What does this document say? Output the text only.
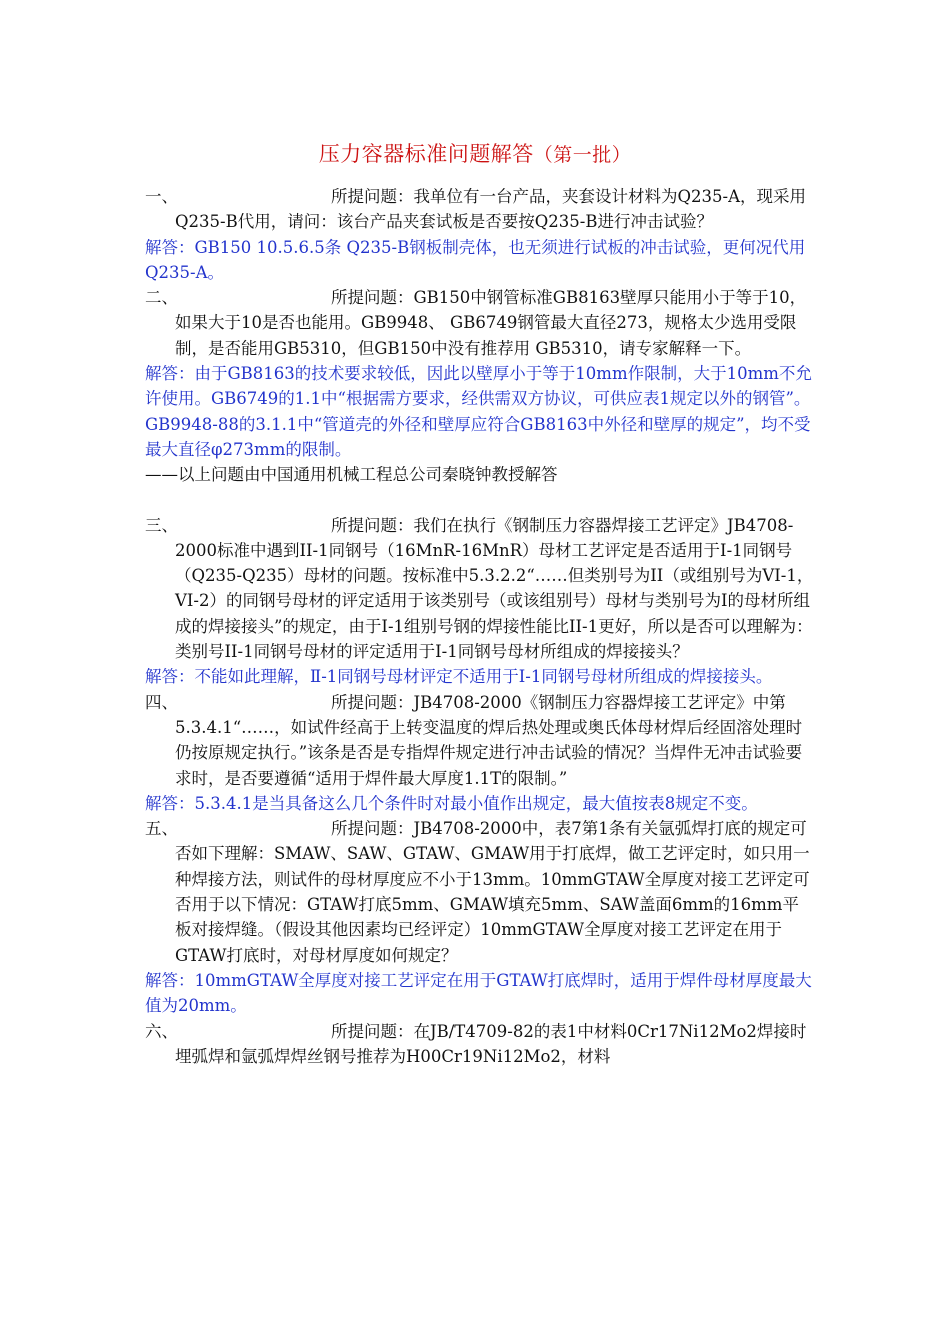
压力容器标准问题解答（第一批）

一、	所提问题：我单位有一台产品，夹套设计材料为Q235-A，现采用Q235-B代用，请问：该台产品夹套试板是否要按Q235-B进行冲击试验？

解答：GB150 10.5.6.5条 Q235-B钢板制壳体，也无须进行试板的冲击试验，更何况代用Q235-A。

二、	所提问题：GB150中钢管标准GB8163壁厚只能用小于等于10，如果大于10是否也能用。GB9948、 GB6749钢管最大直径273，规格太少选用受限制，是否能用GB5310，但GB150中没有推荐用 GB5310，请专家解释一下。

解答：由于GB8163的技术要求较低，因此以壁厚小于等于10mm作限制，大于10mm不允许使用。GB6749的1.1中“根据需方要求，经供需双方协议，可供应表1规定以外的钢管”。GB9948-88的3.1.1中“管道壳的外径和壁厚应符合GB8163中外径和壁厚的规定”，均不受最大直径φ273mm的限制。

——以上问题由中国通用机械工程总公司秦晓钟教授解答

三、	所提问题：我们在执行《钢制压力容器焊接工艺评定》JB4708-2000标准中遇到II-1同钢号（16MnR-16MnR）母材工艺评定是否适用于I-1同钢号（Q235-Q235）母材的问题。按标准中5.3.2.2“……但类别号为II（或组别号为VI-1，VI-2）的同钢号母材的评定适用于该类别号（或该组别号）母材与类别号为I的母材所组成的焊接接头”的规定，由于I-1组别号钢的焊接性能比II-1更好，所以是否可以理解为：类别号II-1同钢号母材的评定适用于I-1同钢号母材所组成的焊接接头？

解答：不能如此理解，Ⅱ-1同钢号母材评定不适用于Ⅰ-1同钢号母材所组成的焊接接头。

四、	所提问题：JB4708-2000《钢制压力容器焊接工艺评定》中第5.3.4.1“……，如试件经高于上转变温度的焊后热处理或奥氏体母材焊后经固溶处理时仍按原规定执行。”该条是否是专指焊件规定进行冲击试验的情况？当焊件无冲击试验要求时，是否要遵循“适用于焊件最大厚度1.1T的限制。”

解答：5.3.4.1是当具备这么几个条件时对最小值作出规定，最大值按表8规定不变。

五、	所提问题：JB4708-2000中，表7第1条有关氩弧焊打底的规定可否如下理解：SMAW、SAW、GTAW、GMAW用于打底焊，做工艺评定时，如只用一种焊接方法，则试件的母材厚度应不小于13mm。10mmGTAW全厚度对接工艺评定可否用于以下情况：GTAW打底5mm、GMAW填充5mm、SAW盖面6mm的16mm平板对接焊缝。（假设其他因素均已经评定）10mmGTAW全厚度对接工艺评定在用于GTAW打底时，对母材厚度如何规定？

解答：10mmGTAW全厚度对接工艺评定在用于GTAW打底焊时，适用于焊件母材厚度最大值为20mm。

六、	所提问题：在JB/T4709-82的表1中材料0Cr17Ni12Mo2焊接时埋弧焊和氩弧焊焊丝钢号推荐为H00Cr19Ni12Mo2，材料
